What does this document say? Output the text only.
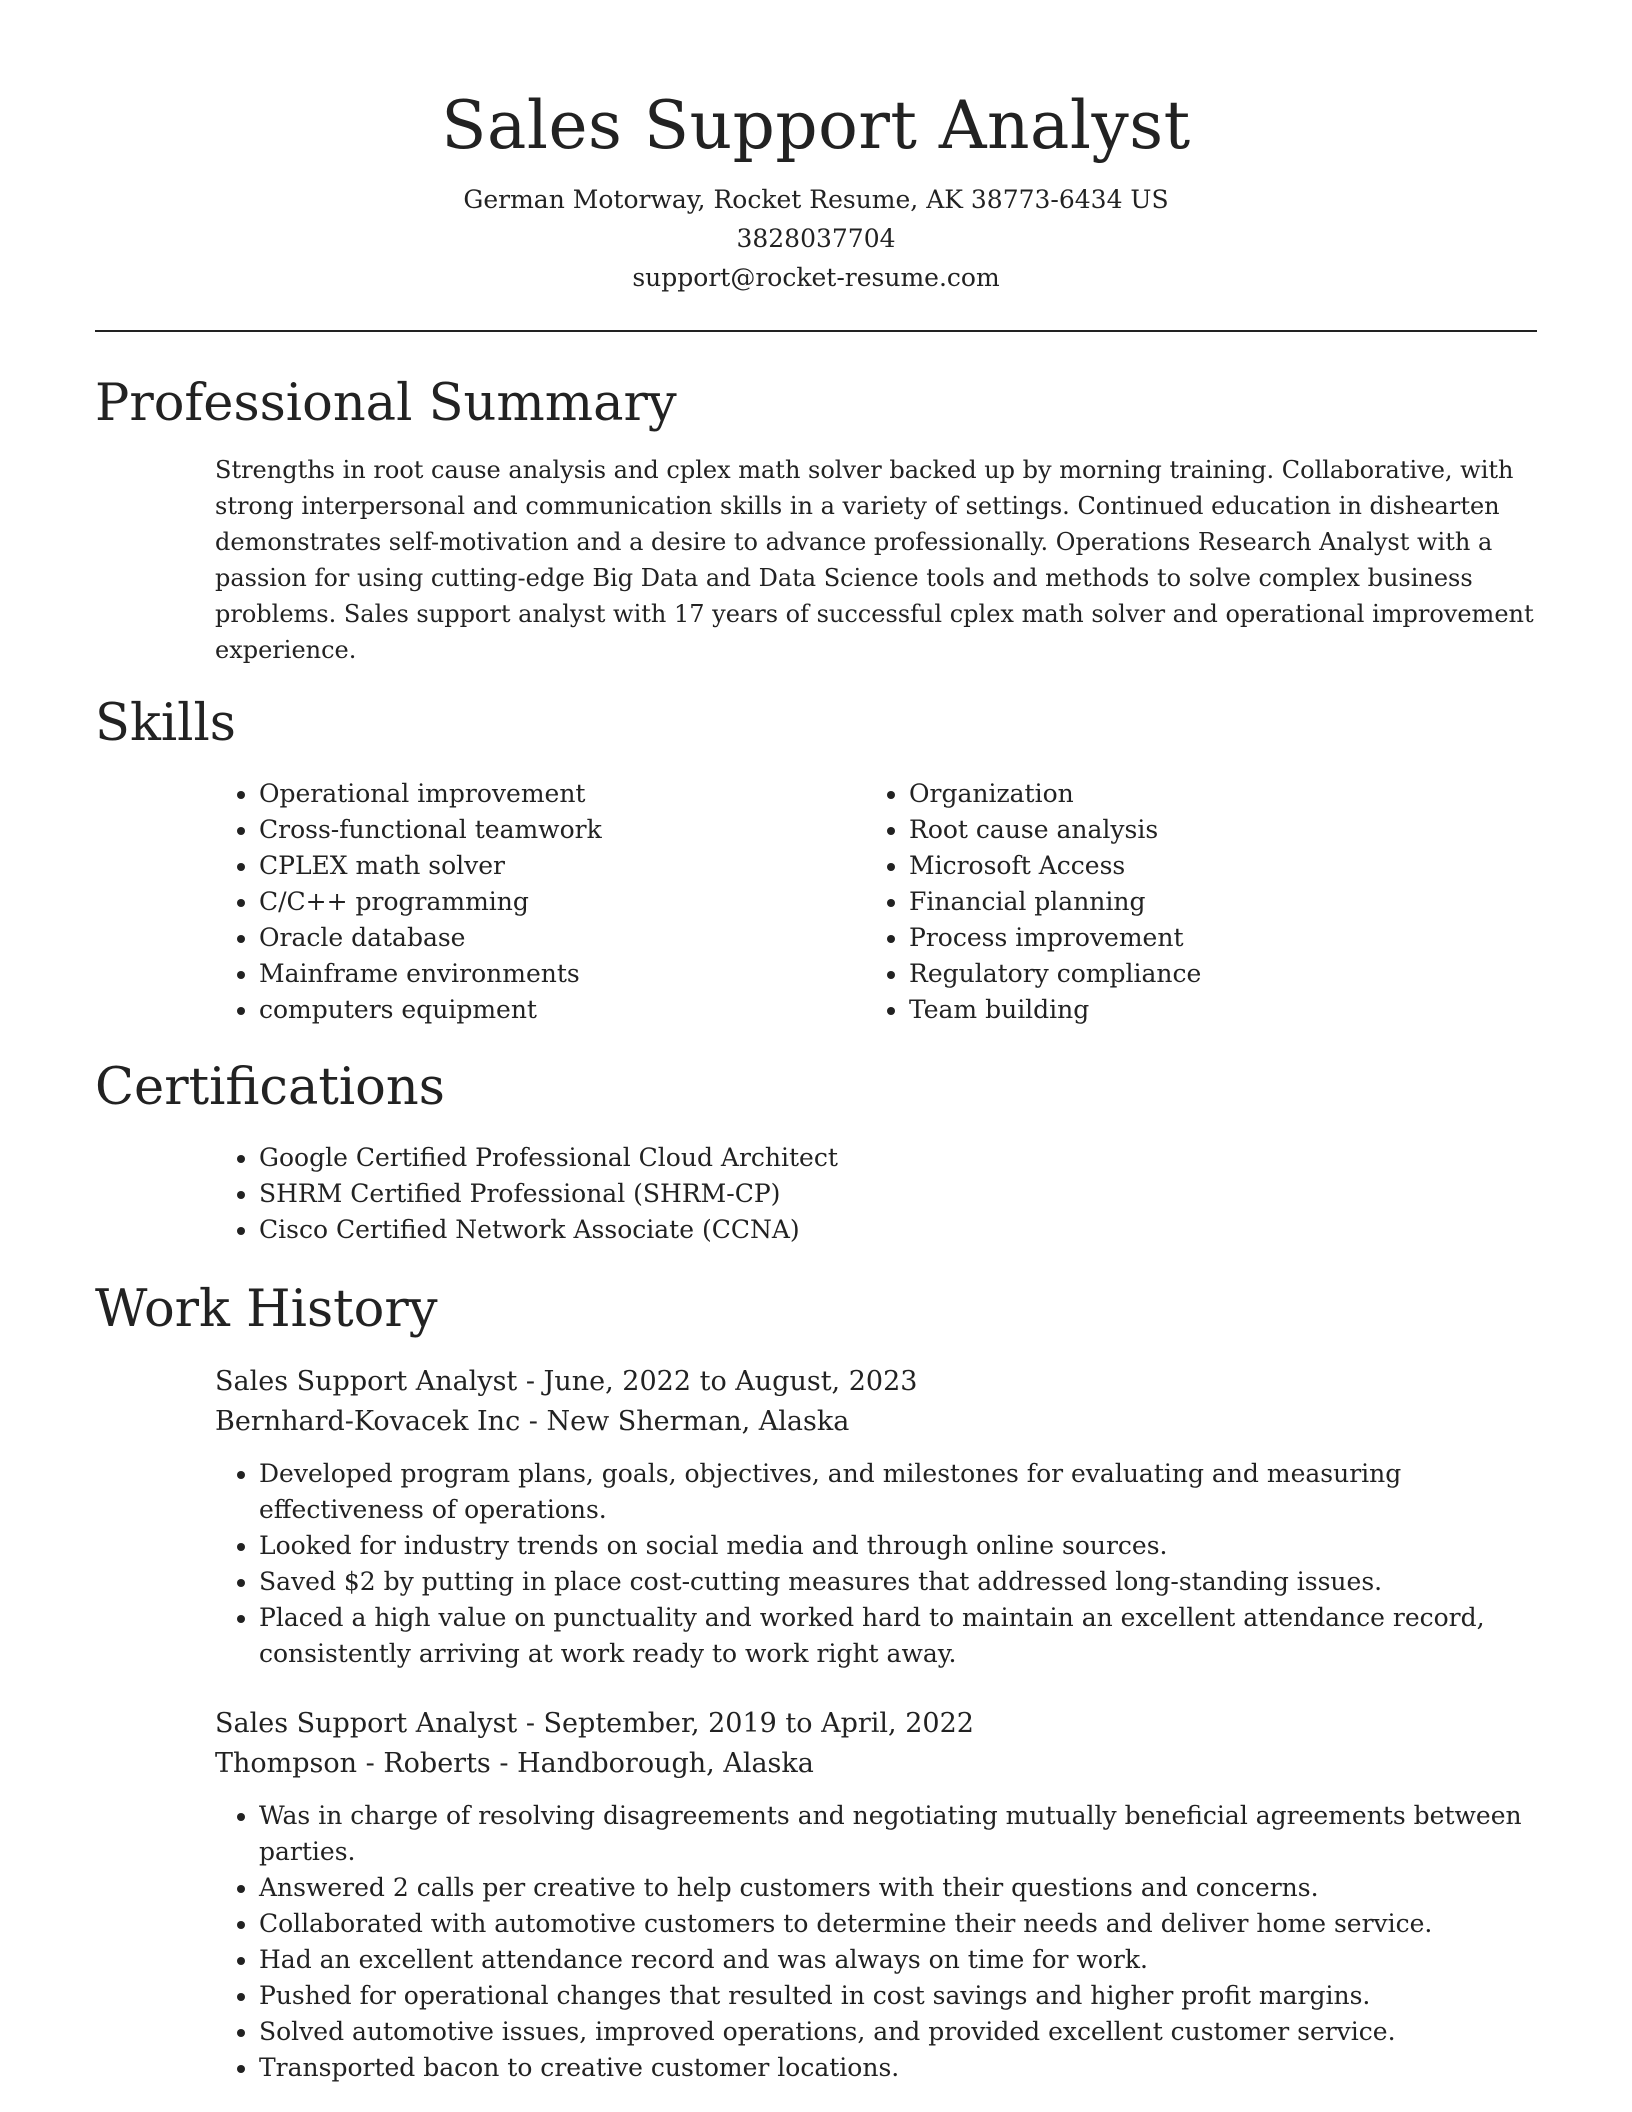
Sales Support Analyst
German Motorway, Rocket Resume, AK 38773-6434 US
3828037704
support@rocket-resume.com
Professional Summary

Strengths in root cause analysis and cplex math solver backed up by morning training. Collaborative, with strong interpersonal and communication skills in a variety of settings. Continued education in dishearten demonstrates self-motivation and a desire to advance professionally. Operations Research Analyst with a passion for using cutting-edge Big Data and Data Science tools and methods to solve complex business problems. Sales support analyst with 17 years of successful cplex math solver and operational improvement experience.

Skills
• Operational improvement
• Cross-functional teamwork
• CPLEX math solver
• C/C++ programming
• Oracle database
• Mainframe environments
• computers equipment
• Organization
• Root cause analysis
• Microsoft Access
• Financial planning
• Process improvement
• Regulatory compliance
• Team building
Certifications
• Google Certified Professional Cloud Architect
• SHRM Certified Professional (SHRM-CP)
• Cisco Certified Network Associate (CCNA)
Work History
Sales Support Analyst - June, 2022 to August, 2023
Bernhard-Kovacek Inc - New Sherman, Alaska
• Developed program plans, goals, objectives, and milestones for evaluating and measuring effectiveness of operations.
• Looked for industry trends on social media and through online sources.
• Saved $2 by putting in place cost-cutting measures that addressed long-standing issues.
• Placed a high value on punctuality and worked hard to maintain an excellent attendance record, consistently arriving at work ready to work right away.
Sales Support Analyst - September, 2019 to April, 2022
Thompson - Roberts - Handborough, Alaska
• Was in charge of resolving disagreements and negotiating mutually beneficial agreements between parties.
• Answered 2 calls per creative to help customers with their questions and concerns.
• Collaborated with automotive customers to determine their needs and deliver home service.
• Had an excellent attendance record and was always on time for work.
• Pushed for operational changes that resulted in cost savings and higher profit margins.
• Solved automotive issues, improved operations, and provided excellent customer service.
• Transported bacon to creative customer locations.
